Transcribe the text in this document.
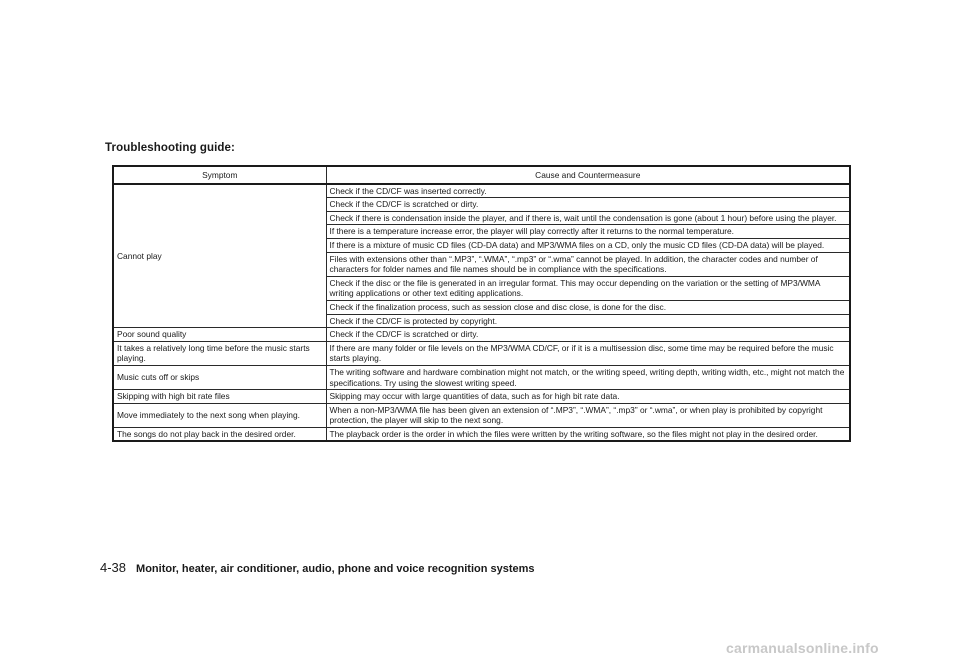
Troubleshooting guide:
Symptom	Cause and Countermeasure
Cannot play	Check if the CD/CF was inserted correctly.
	Check if the CD/CF is scratched or dirty.
	Check if there is condensation inside the player, and if there is, wait until the condensation is gone (about 1 hour) before using the player.
	If there is a temperature increase error, the player will play correctly after it returns to the normal temperature.
	If there is a mixture of music CD files (CD-DA data) and MP3/WMA files on a CD, only the music CD files (CD-DA data) will be played.
	Files with extensions other than “.MP3”, “.WMA”, “.mp3” or “.wma” cannot be played. In addition, the character codes and number of characters for folder names and file names should be in compliance with the specifications.
	Check if the disc or the file is generated in an irregular format. This may occur depending on the variation or the setting of MP3/WMA writing applications or other text editing applications.
	Check if the finalization process, such as session close and disc close, is done for the disc.
	Check if the CD/CF is protected by copyright.
Poor sound quality	Check if the CD/CF is scratched or dirty.
It takes a relatively long time before the music starts playing.	If there are many folder or file levels on the MP3/WMA CD/CF, or if it is a multisession disc, some time may be required before the music starts playing.
Music cuts off or skips	The writing software and hardware combination might not match, or the writing speed, writing depth, writing width, etc., might not match the specifications. Try using the slowest writing speed.
Skipping with high bit rate files	Skipping may occur with large quantities of data, such as for high bit rate data.
Move immediately to the next song when playing.	When a non-MP3/WMA file has been given an extension of “.MP3”, “.WMA”, “.mp3” or “.wma”, or when play is prohibited by copyright protection, the player will skip to the next song.
The songs do not play back in the desired order.	The playback order is the order in which the files were written by the writing software, so the files might not play in the desired order.
4-38 Monitor, heater, air conditioner, audio, phone and voice recognition systems
carmanualsonline.info
